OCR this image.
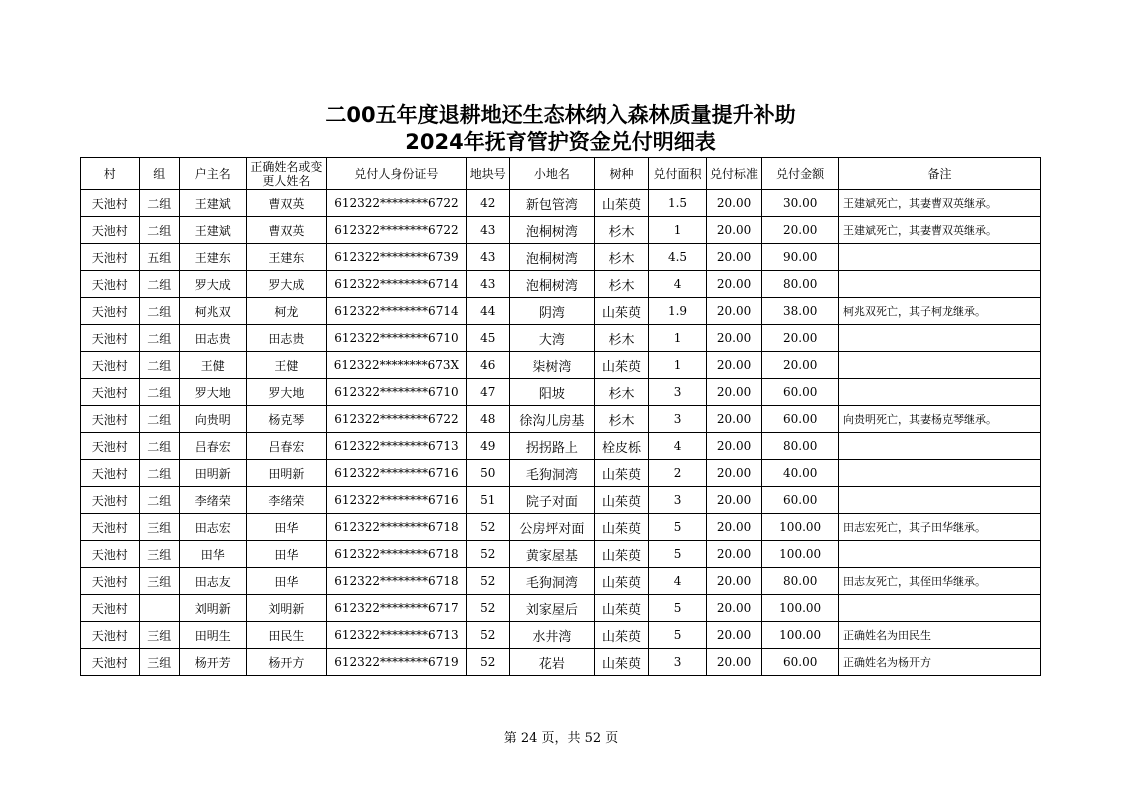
二00五年度退耕地还生态林纳入森林质量提升补助
2024年抚育管护资金兑付明细表
村	组	户主名	正确姓名或变更人姓名	兑付人身份证号	地块号	小地名	树种	兑付面积	兑付标准	兑付金额	备注
天池村	二组	王建斌	曹双英	612322********6722	42	新包管湾	山茱萸	1.5	20.00	30.00	王建斌死亡，其妻曹双英继承。
天池村	二组	王建斌	曹双英	612322********6722	43	泡桐树湾	杉木	1	20.00	20.00	王建斌死亡，其妻曹双英继承。
天池村	五组	王建东	王建东	612322********6739	43	泡桐树湾	杉木	4.5	20.00	90.00	
天池村	二组	罗大成	罗大成	612322********6714	43	泡桐树湾	杉木	4	20.00	80.00	
天池村	二组	柯兆双	柯龙	612322********6714	44	阴湾	山茱萸	1.9	20.00	38.00	柯兆双死亡，其子柯龙继承。
天池村	二组	田志贵	田志贵	612322********6710	45	大湾	杉木	1	20.00	20.00	
天池村	二组	王健	王健	612322********673X	46	柒树湾	山茱萸	1	20.00	20.00	
天池村	二组	罗大地	罗大地	612322********6710	47	阳坡	杉木	3	20.00	60.00	
天池村	二组	向贵明	杨克琴	612322********6722	48	徐沟儿房基	杉木	3	20.00	60.00	向贵明死亡，其妻杨克琴继承。
天池村	二组	吕春宏	吕春宏	612322********6713	49	拐拐路上	栓皮栎	4	20.00	80.00	
天池村	二组	田明新	田明新	612322********6716	50	毛狗洞湾	山茱萸	2	20.00	40.00	
天池村	二组	李绪荣	李绪荣	612322********6716	51	院子对面	山茱萸	3	20.00	60.00	
天池村	三组	田志宏	田华	612322********6718	52	公房坪对面	山茱萸	5	20.00	100.00	田志宏死亡，其子田华继承。
天池村	三组	田华	田华	612322********6718	52	黄家屋基	山茱萸	5	20.00	100.00	
天池村	三组	田志友	田华	612322********6718	52	毛狗洞湾	山茱萸	4	20.00	80.00	田志友死亡，其侄田华继承。
天池村		刘明新	刘明新	612322********6717	52	刘家屋后	山茱萸	5	20.00	100.00	
天池村	三组	田明生	田民生	612322********6713	52	水井湾	山茱萸	5	20.00	100.00	正确姓名为田民生
天池村	三组	杨开芳	杨开方	612322********6719	52	花岩	山茱萸	3	20.00	60.00	正确姓名为杨开方
第 24 页，共 52 页
